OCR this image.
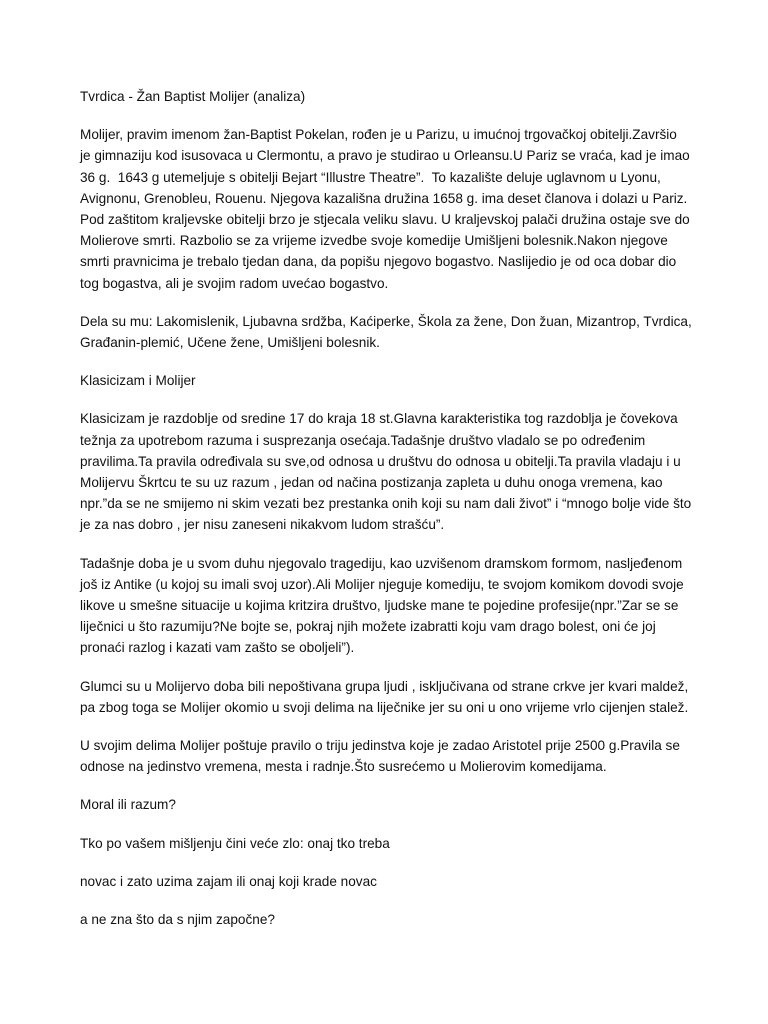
Tvrdica - Žan Baptist Molijer (analiza)
Molijer, pravim imenom žan-Baptist Pokelan, rođen je u Parizu, u imućnoj trgovačkoj obitelji.Završio
je gimnaziju kod isusovaca u Clermontu, a pravo je studirao u Orleansu.U Pariz se vraća, kad je imao
36 g.  1643 g utemeljuje s obitelji Bejart “Illustre Theatre”.  To kazalište deluje uglavnom u Lyonu,
Avignonu, Grenobleu, Rouenu. Njegova kazališna družina 1658 g. ima deset članova i dolazi u Pariz.
Pod zaštitom kraljevske obitelji brzo je stjecala veliku slavu. U kraljevskoj palači družina ostaje sve do
Molierove smrti. Razbolio se za vrijeme izvedbe svoje komedije Umišljeni bolesnik.Nakon njegove
smrti pravnicima je trebalo tjedan dana, da popišu njegovo bogastvo. Naslijedio je od oca dobar dio
tog bogastva, ali je svojim radom uvećao bogastvo.
Dela su mu: Lakomislenik, Ljubavna srdžba, Kaćiperke, Škola za žene, Don žuan, Mizantrop, Tvrdica,
Građanin-plemić, Učene žene, Umišljeni bolesnik.
Klasicizam i Molijer
Klasicizam je razdoblje od sredine 17 do kraja 18 st.Glavna karakteristika tog razdoblja je čovekova
težnja za upotrebom razuma i susprezanja osećaja.Tadašnje društvo vladalo se po određenim
pravilima.Ta pravila određivala su sve,od odnosa u društvu do odnosa u obitelji.Ta pravila vladaju i u
Molijervu Škrtcu te su uz razum , jedan od načina postizanja zapleta u duhu onoga vremena, kao
npr.”da se ne smijemo ni skim vezati bez prestanka onih koji su nam dali život” i “mnogo bolje vide što
je za nas dobro , jer nisu zaneseni nikakvom ludom strašću”.
Tadašnje doba je u svom duhu njegovalo tragediju, kao uzvišenom dramskom formom, nasljeđenom
još iz Antike (u kojoj su imali svoj uzor).Ali Molijer njeguje komediju, te svojom komikom dovodi svoje
likove u smešne situacije u kojima kritzira društvo, ljudske mane te pojedine profesije(npr.”Zar se se
liječnici u što razumiju?Ne bojte se, pokraj njih možete izabratti koju vam drago bolest, oni će joj
pronaći razlog i kazati vam zašto se oboljeli”).
Glumci su u Molijervo doba bili nepoštivana grupa ljudi , isključivana od strane crkve jer kvari maldež,
pa zbog toga se Molijer okomio u svoji delima na liječnike jer su oni u ono vrijeme vrlo cijenjen stalež.
U svojim delima Molijer poštuje pravilo o triju jedinstva koje je zadao Aristotel prije 2500 g.Pravila se
odnose na jedinstvo vremena, mesta i radnje.Što susrećemo u Molierovim komedijama.
Moral ili razum?
Tko po vašem mišljenju čini veće zlo: onaj tko treba
novac i zato uzima zajam ili onaj koji krade novac
a ne zna što da s njim započne?
